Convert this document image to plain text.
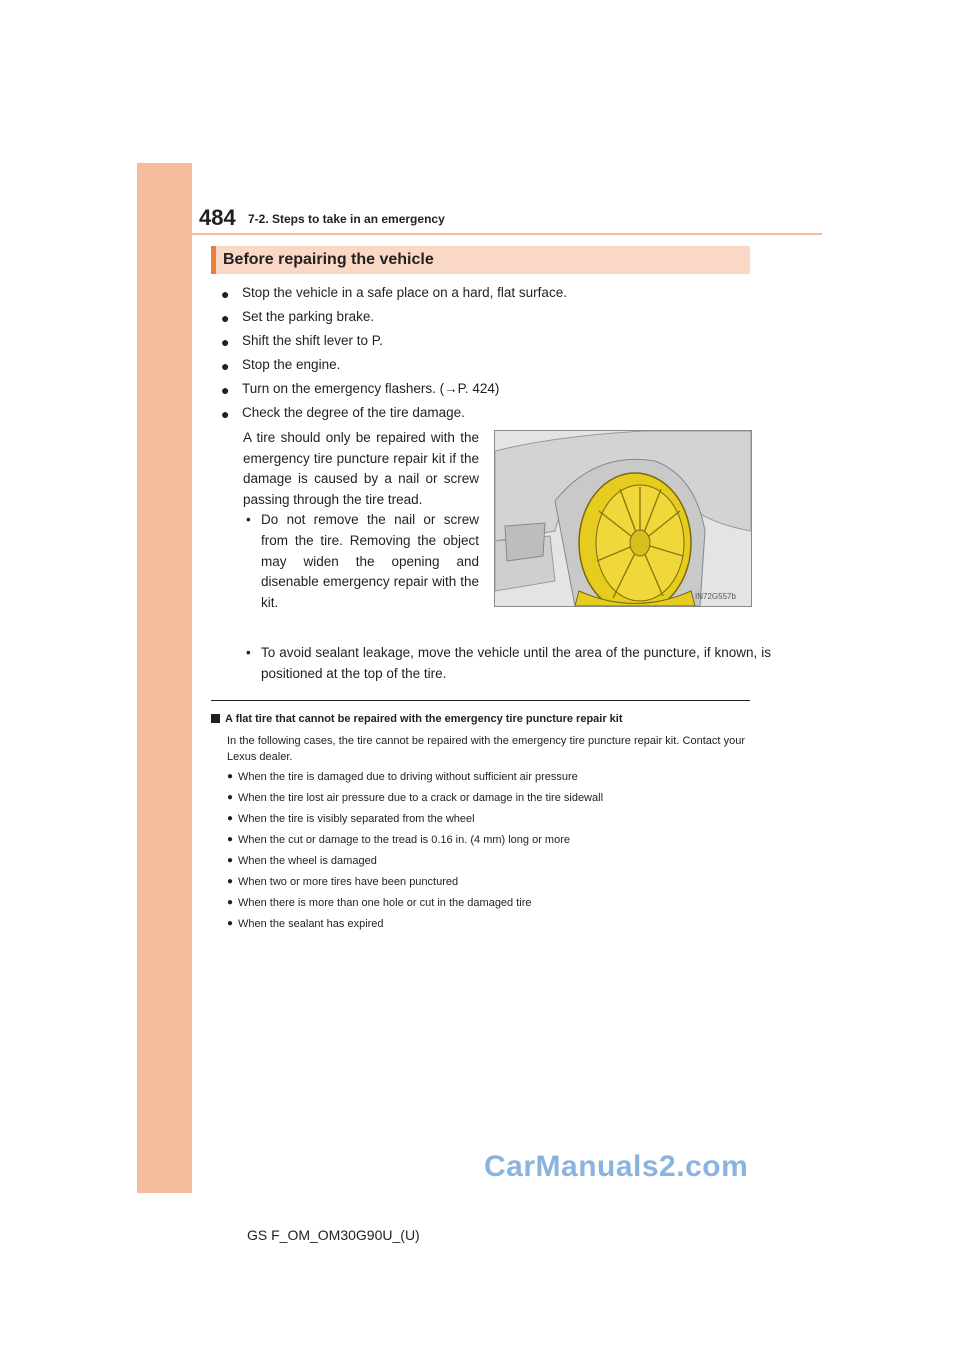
484 7-2. Steps to take in an emergency
Before repairing the vehicle
● Stop the vehicle in a safe place on a hard, flat surface.
● Set the parking brake.
● Shift the shift lever to P.
● Stop the engine.
● Turn on the emergency flashers. (→P. 424)
● Check the degree of the tire damage.

A tire should only be repaired with the emergency tire puncture repair kit if the damage is caused by a nail or screw passing through the tire tread.

• Do not remove the nail or screw from the tire. Removing the object may widen the opening and disenable emergency repair with the kit.
• To avoid sealant leakage, move the vehicle until the area of the puncture, if known, is positioned at the top of the tire.
IN72G557b
A flat tire that cannot be repaired with the emergency tire puncture repair kit
In the following cases, the tire cannot be repaired with the emergency tire puncture repair kit. Contact your Lexus dealer.
● When the tire is damaged due to driving without sufficient air pressure
● When the tire lost air pressure due to a crack or damage in the tire sidewall
● When the tire is visibly separated from the wheel
● When the cut or damage to the tread is 0.16 in. (4 mm) long or more
● When the wheel is damaged
● When two or more tires have been punctured
● When there is more than one hole or cut in the damaged tire
● When the sealant has expired
CarManuals2.com
GS F_OM_OM30G90U_(U)
